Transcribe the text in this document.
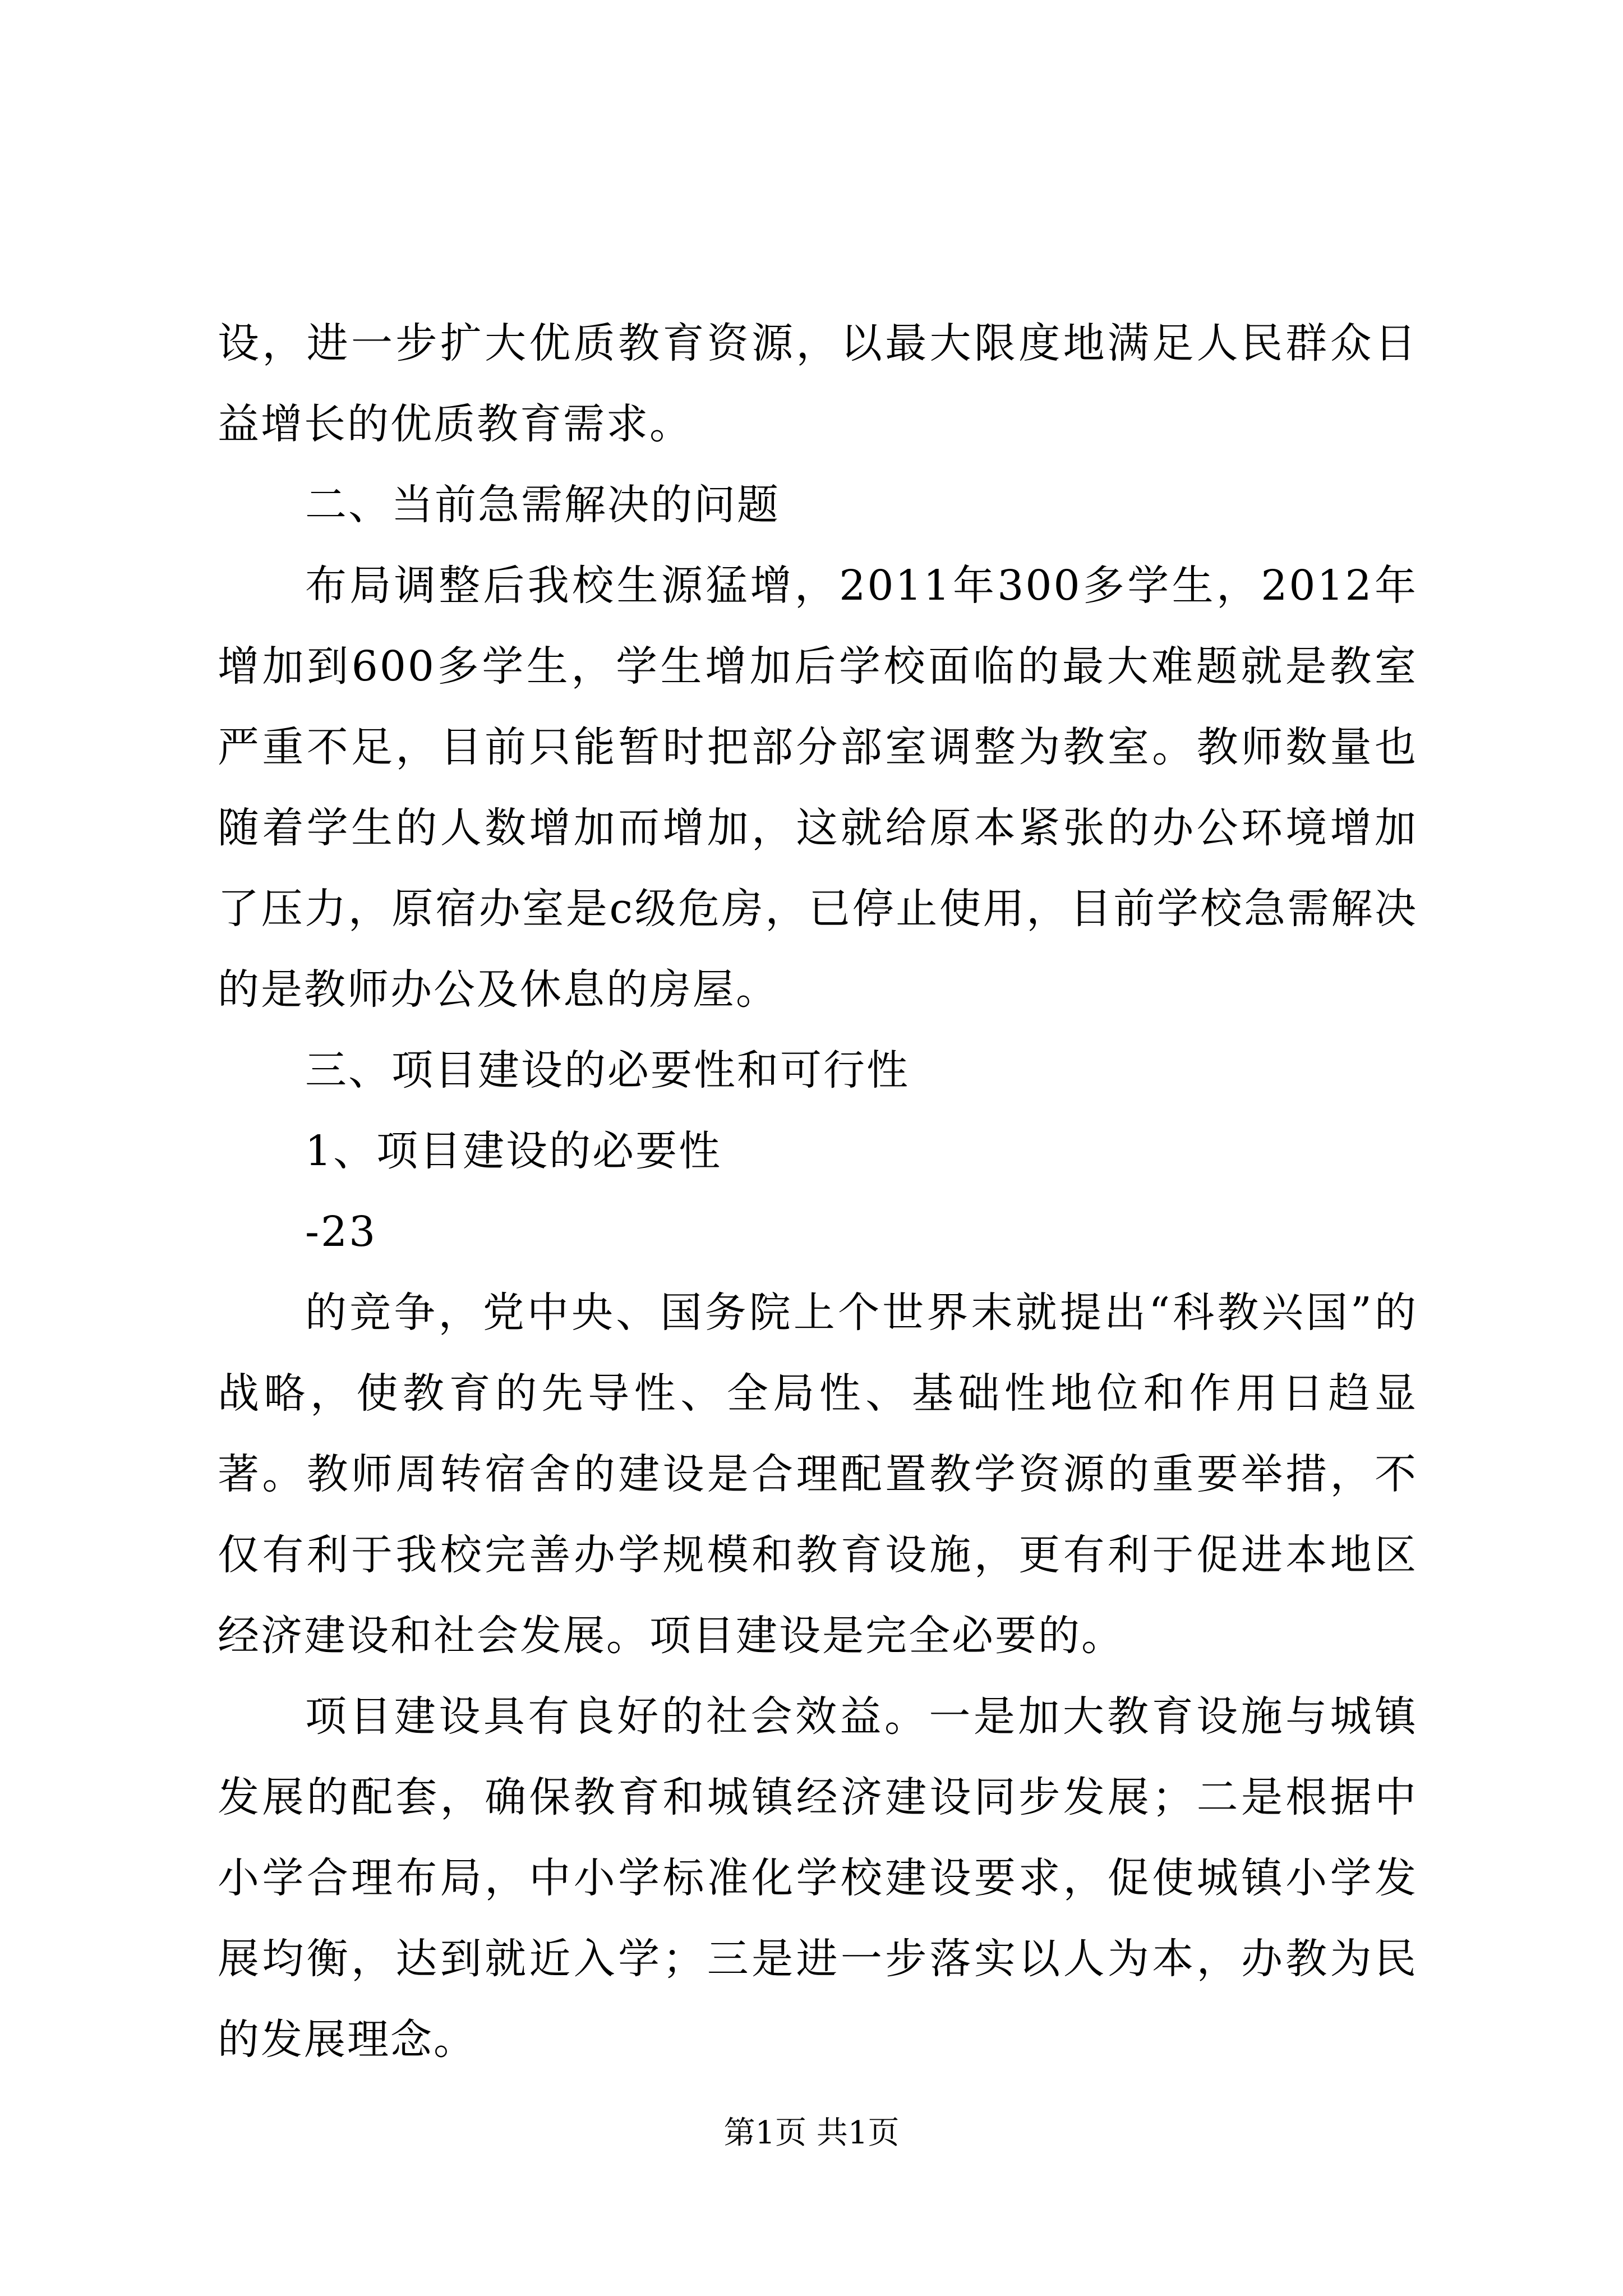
设，进一步扩大优质教育资源，以最大限度地满足人民群众日益增长的优质教育需求。

二、当前急需解决的问题

布局调整后我校生源猛增，2011年300多学生，2012年增加到600多学生，学生增加后学校面临的最大难题就是教室严重不足，目前只能暂时把部分部室调整为教室。教师数量也随着学生的人数增加而增加，这就给原本紧张的办公环境增加了压力，原宿办室是c级危房，已停止使用，目前学校急需解决的是教师办公及休息的房屋。

三、项目建设的必要性和可行性

1、项目建设的必要性

-23

的竞争，党中央、国务院上个世界末就提出“科教兴国”的战略，使教育的先导性、全局性、基础性地位和作用日趋显著。教师周转宿舍的建设是合理配置教学资源的重要举措，不仅有利于我校完善办学规模和教育设施，更有利于促进本地区经济建设和社会发展。项目建设是完全必要的。

项目建设具有良好的社会效益。一是加大教育设施与城镇发展的配套，确保教育和城镇经济建设同步发展；二是根据中小学合理布局，中小学标准化学校建设要求，促使城镇小学发展均衡，达到就近入学；三是进一步落实以人为本，办教为民的发展理念。

第1页 共1页
